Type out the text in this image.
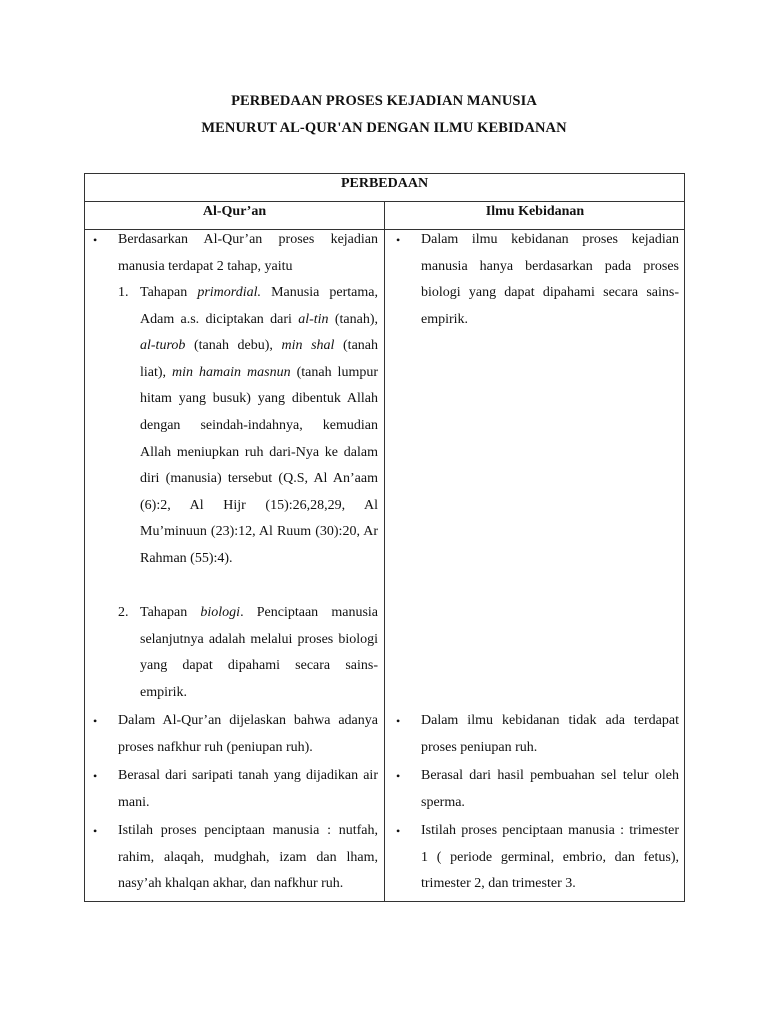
PERBEDAAN PROSES KEJADIAN MANUSIA
MENURUT AL-QUR'AN DENGAN ILMU KEBIDANAN
PERBEDAAN
Al-Qur’an	Ilmu Kebidanan
• Berdasarkan Al-Qur’an proses kejadian manusia terdapat 2 tahap, yaitu
1. Tahapan primordial. Manusia pertama, Adam a.s. diciptakan dari al-tin (tanah), al-turob (tanah debu), min shal (tanah liat), min hamain masnun (tanah lumpur hitam yang busuk) yang dibentuk Allah dengan seindah-indahnya, kemudian Allah meniupkan ruh dari-Nya ke dalam diri (manusia) tersebut (Q.S, Al An’aam (6):2, Al Hijr (15):26,28,29, Al Mu’minuun (23):12, Al Ruum (30):20, Ar Rahman (55):4).
2. Tahapan biologi. Penciptaan manusia selanjutnya adalah melalui proses biologi yang dapat dipahami secara sains-empirik.
• Dalam Al-Qur’an dijelaskan bahwa adanya proses nafkhur ruh (peniupan ruh).
• Berasal dari saripati tanah yang dijadikan air mani.
• Istilah proses penciptaan manusia : nutfah, rahim, alaqah, mudghah, izam dan lham, nasy’ah khalqan akhar, dan nafkhur ruh.
• Dalam ilmu kebidanan proses kejadian manusia hanya berdasarkan pada proses biologi yang dapat dipahami secara sains-empirik.
• Dalam ilmu kebidanan tidak ada terdapat proses peniupan ruh.
• Berasal dari hasil pembuahan sel telur oleh sperma.
• Istilah proses penciptaan manusia : trimester 1 ( periode germinal, embrio, dan fetus), trimester 2, dan trimester 3.
